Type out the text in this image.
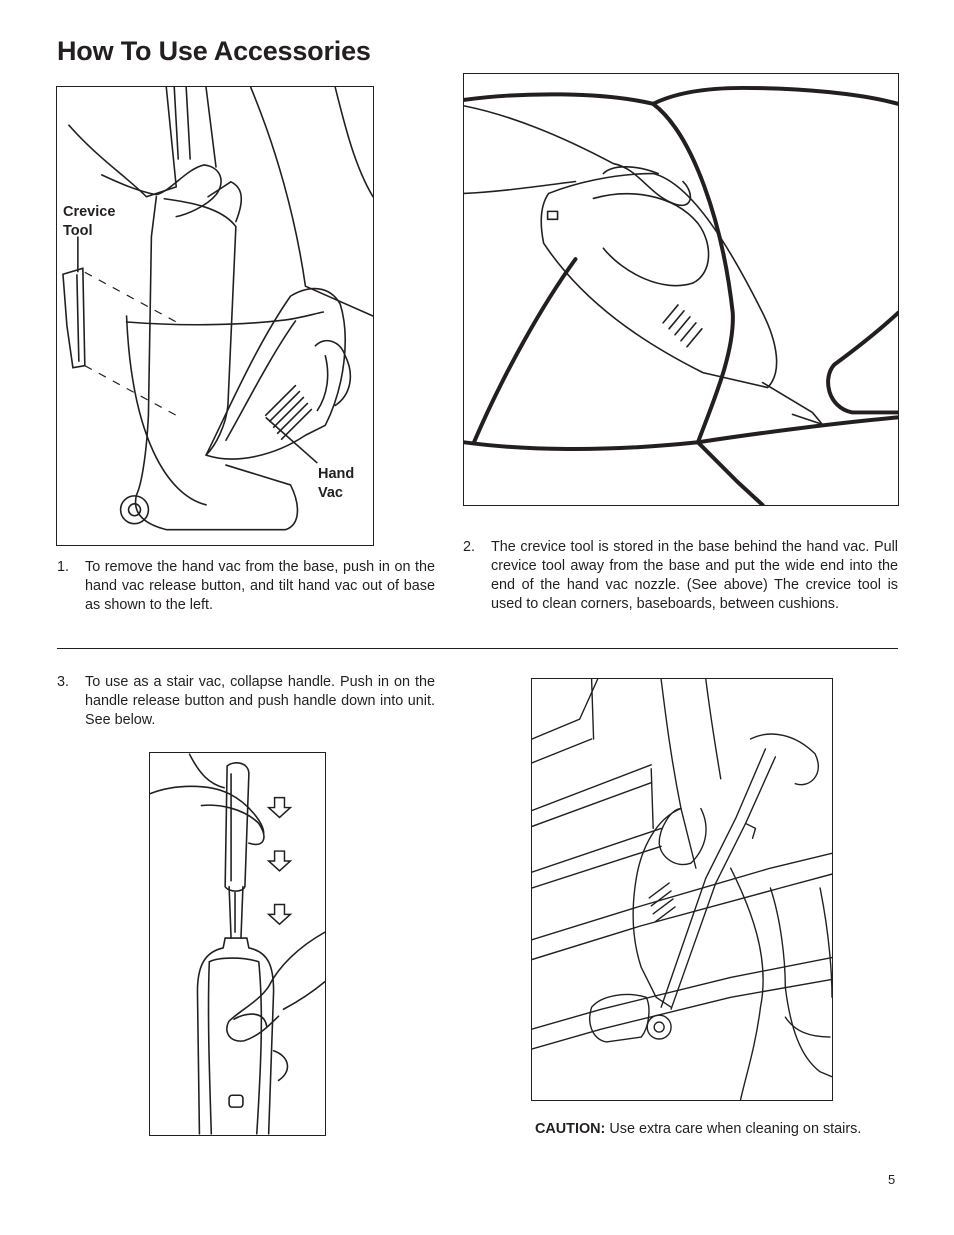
How To Use Accessories
Crevice
Tool
Hand
Vac
1.	To remove the hand vac from the base, push in on the hand vac release button, and tilt hand vac out of base as shown to the left.
2.	The crevice tool is stored in the base behind the hand vac. Pull crevice tool away from the base and put the wide end into the end of the hand vac nozzle. (See above) The crevice tool is used to clean corners, baseboards, between cushions.
3.	To use as a stair vac, collapse handle. Push in on the handle release button and push handle down into unit. See below.
CAUTION: Use extra care when cleaning on stairs.
5
